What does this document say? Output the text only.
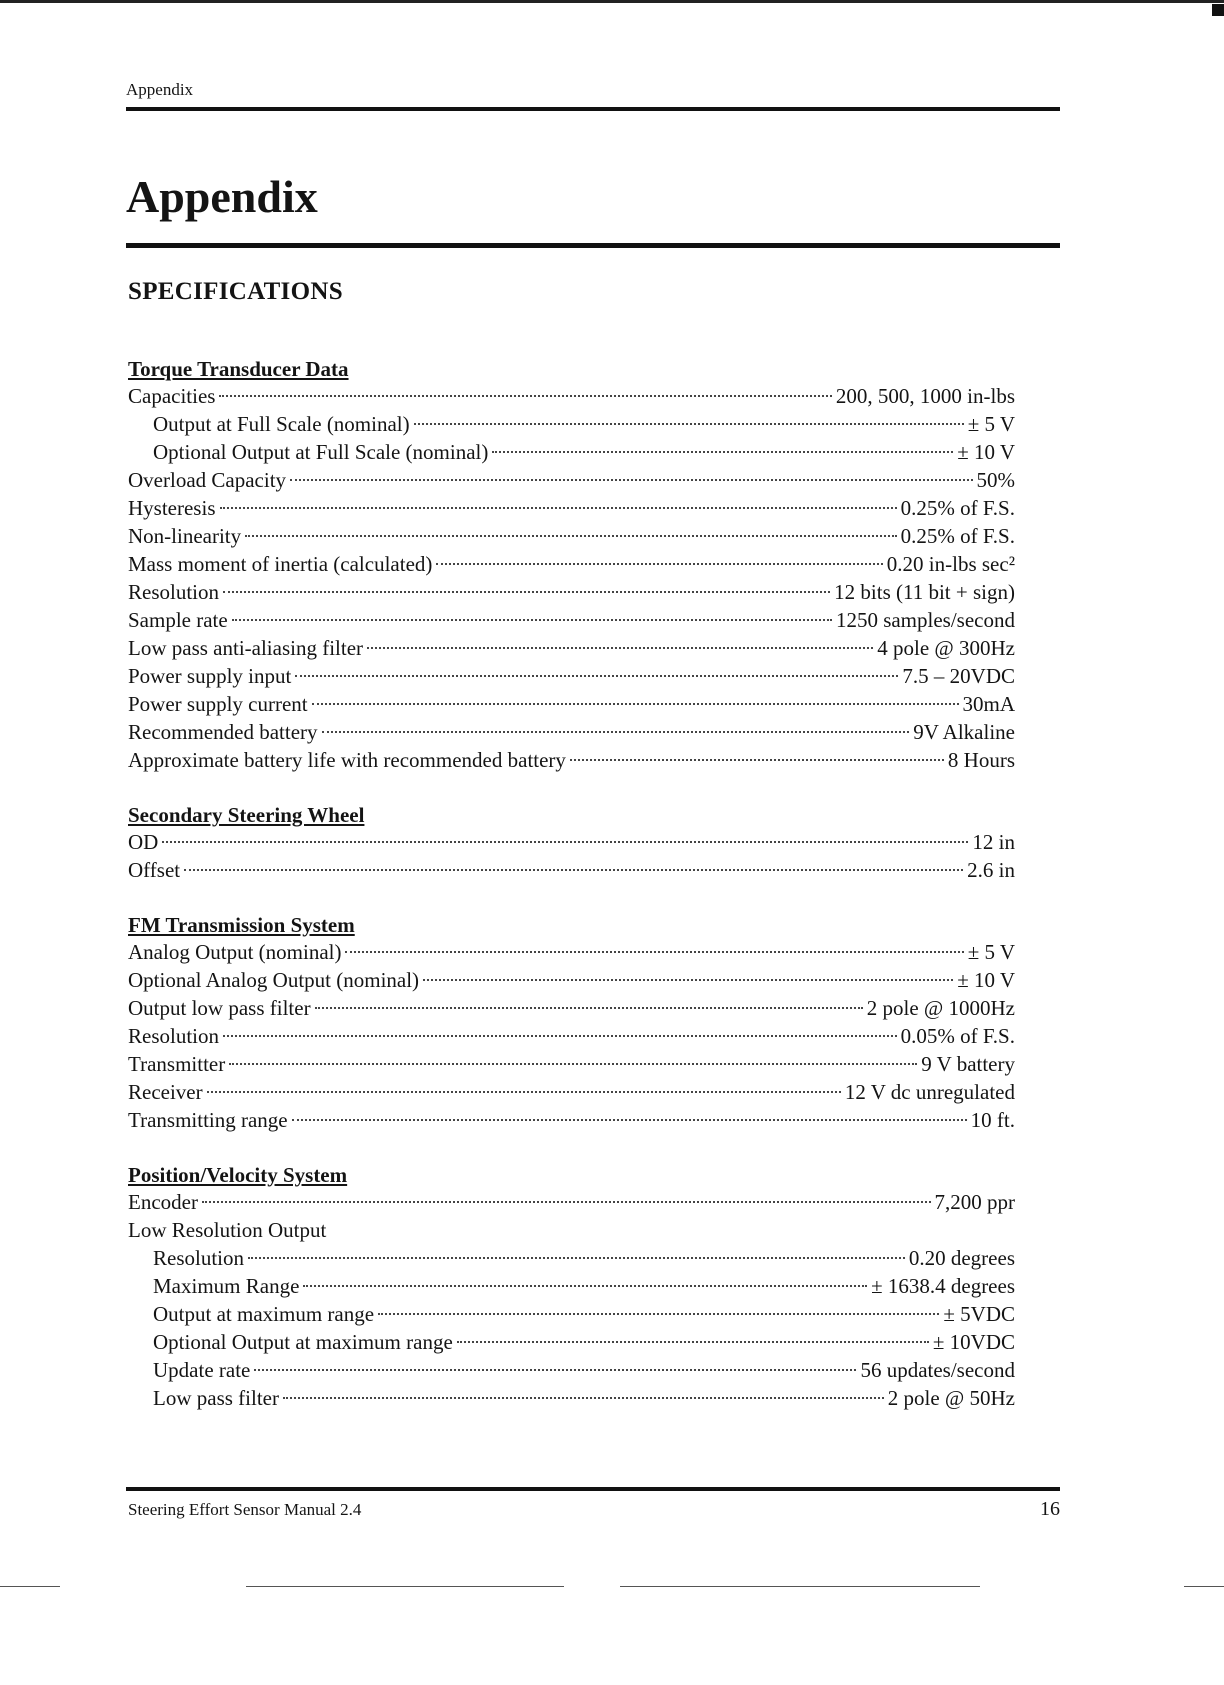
Appendix
Appendix
SPECIFICATIONS
Torque Transducer Data
Capacities	200, 500, 1000 in-lbs
Output at Full Scale (nominal)	± 5 V
Optional Output at Full Scale (nominal)	± 10 V
Overload Capacity	50%
Hysteresis	0.25% of F.S.
Non-linearity	0.25% of F.S.
Mass moment of inertia (calculated)	0.20 in-lbs sec²
Resolution	12 bits (11 bit + sign)
Sample rate	1250 samples/second
Low pass anti-aliasing filter	4 pole @ 300Hz
Power supply input	7.5 – 20VDC
Power supply current	30mA
Recommended battery	9V Alkaline
Approximate battery life with recommended battery	8 Hours
Secondary Steering Wheel
OD	12 in
Offset	2.6 in
FM Transmission System
Analog Output (nominal)	± 5 V
Optional Analog Output (nominal)	± 10 V
Output low pass filter	2 pole @ 1000Hz
Resolution	0.05% of F.S.
Transmitter	9 V battery
Receiver	12 V dc unregulated
Transmitting range	10 ft.
Position/Velocity System
Encoder	7,200 ppr
Low Resolution Output
Resolution	0.20 degrees
Maximum Range	± 1638.4 degrees
Output at maximum range	± 5VDC
Optional Output at maximum range	± 10VDC
Update rate	56 updates/second
Low pass filter	2 pole @ 50Hz
Steering Effort Sensor Manual 2.4	16
